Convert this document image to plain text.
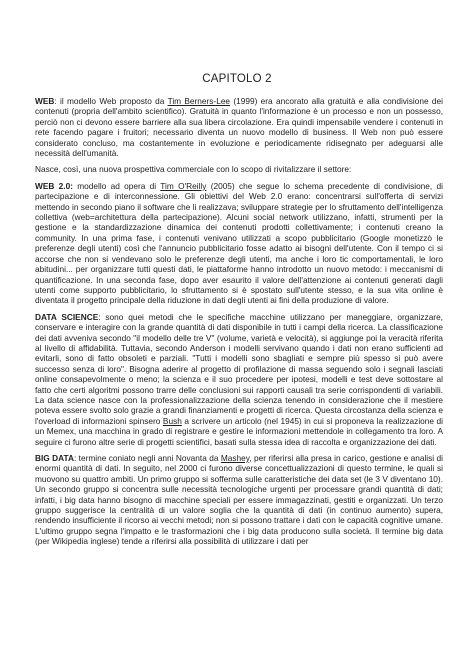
CAPITOLO 2

WEB: il modello Web proposto da Tim Berners-Lee (1999) era ancorato alla gratuità e alla condivisione dei contenuti (propria dell'ambito scientifico). Gratuità in quanto l'informazione è un processo e non un possesso, perciò non ci devono essere barriere alla sua libera circolazione. Era quindi impensabile vendere i contenuti in rete facendo pagare i fruitori; necessario diventa un nuovo modello di business. Il Web non può essere considerato concluso, ma costantemente in evoluzione e periodicamente ridisegnato per adeguarsi alle necessità dell'umanità.

Nasce, così, una nuova prospettiva commerciale con lo scopo di rivitalizzare il settore:

WEB 2.0: modello ad opera di Tim O'Reilly (2005) che segue lo schema precedente di condivisione, di partecipazione e di interconnessione. Gli obiettivi del Web 2.0 erano: concentrarsi sull'offerta di servizi mettendo in secondo piano il software che li realizzava; sviluppare strategie per lo sfruttamento dell'intelligenza collettiva (web=architettura della partecipazione). Alcuni social network utilizzano, infatti, strumenti per la gestione e la standardizzazione dinamica dei contenuti prodotti collettivamente; i contenuti creano la community. In una prima fase, i contenuti venivano utilizzati a scopo pubblicitario (Google monetizzò le preferenze degli utenti) così che l'annuncio pubblicitario fosse adatto ai bisogni dell'utente. Con il tempo ci si accorse che non si vendevano solo le preferenze degli utenti, ma anche i loro tic comportamentali, le loro abitudini... per organizzare tutti questi dati, le piattaforme hanno introdotto un nuovo metodo: i meccanismi di quantificazione. In una seconda fase, dopo aver esaurito il valore dell'attenzione ai contenuti generati dagli utenti come supporto pubblicitario, lo sfruttamento si è spostato sull'utente stesso, e la sua vita online è diventata il progetto principale della riduzione in dati degli utenti ai fini della produzione di valore.

DATA SCIENCE: sono quei metodi che le specifiche macchine utilizzano per maneggiare, organizzare, conservare e interagire con la grande quantità di dati disponibile in tutti i campi della ricerca. La classificazione dei dati avveniva secondo "il modello delle tre V" (volume, varietà e velocità), si aggiunge poi la veracità riferita al livello di affidabilità. Tuttavia, secondo Anderson i modelli servivano quando i dati non erano sufficienti ad evitarli, sono di fatto obsoleti e parziali. "Tutti i modelli sono sbagliati e sempre più spesso si può avere successo senza di loro". Bisogna aderire al progetto di profilazione di massa seguendo solo i segnali lasciati online consapevolmente o meno; la scienza e il suo procedere per ipotesi, modelli e test deve sottostare al fatto che certi algoritmi possono trarre delle conclusioni sui rapporti causali tra serie corrispondenti di variabili. La data science nasce con la professionalizzazione della scienza tenendo in considerazione che il mestiere poteva essere svolto solo grazie a grandi finanziamenti e progetti di ricerca. Questa circostanza della scienza e l'overload di informazioni spinsero Bush a scrivere un articolo (nel 1945) in cui si proponeva la realizzazione di un Memex, una macchina in grado di registrare e gestire le informazioni mettendole in collegamento tra loro. A seguire ci furono altre serie di progetti scientifici, basati sulla stessa idea di raccolta e organizzazione dei dati.

BIG DATA: termine coniato negli anni Novanta da Mashey, per riferirsi alla presa in carico, gestione e analisi di enormi quantità di dati. In seguito, nel 2000 ci furono diverse concettualizzazioni di questo termine, le quali si muovono su quattro ambiti. Un primo gruppo si sofferma sulle caratteristiche dei data set (le 3 V diventano 10). Un secondo gruppo si concentra sulle necessità tecnologiche urgenti per processare grandi quantità di dati; infatti, i big data hanno bisogno di macchine speciali per essere immagazzinati, gestiti e organizzati. Un terzo gruppo suggerisce la centralità di un valore soglia che la quantità di dati (in continuo aumento) supera, rendendo insufficiente il ricorso ai vecchi metodi; non si possono trattare i dati con le capacità cognitive umane. L'ultimo gruppo segna l'impatto e le trasformazioni che i big data producono sulla società. Il termine big data (per Wikipedia inglese) tende a riferirsi alla possibilità di utilizzare i dati per
